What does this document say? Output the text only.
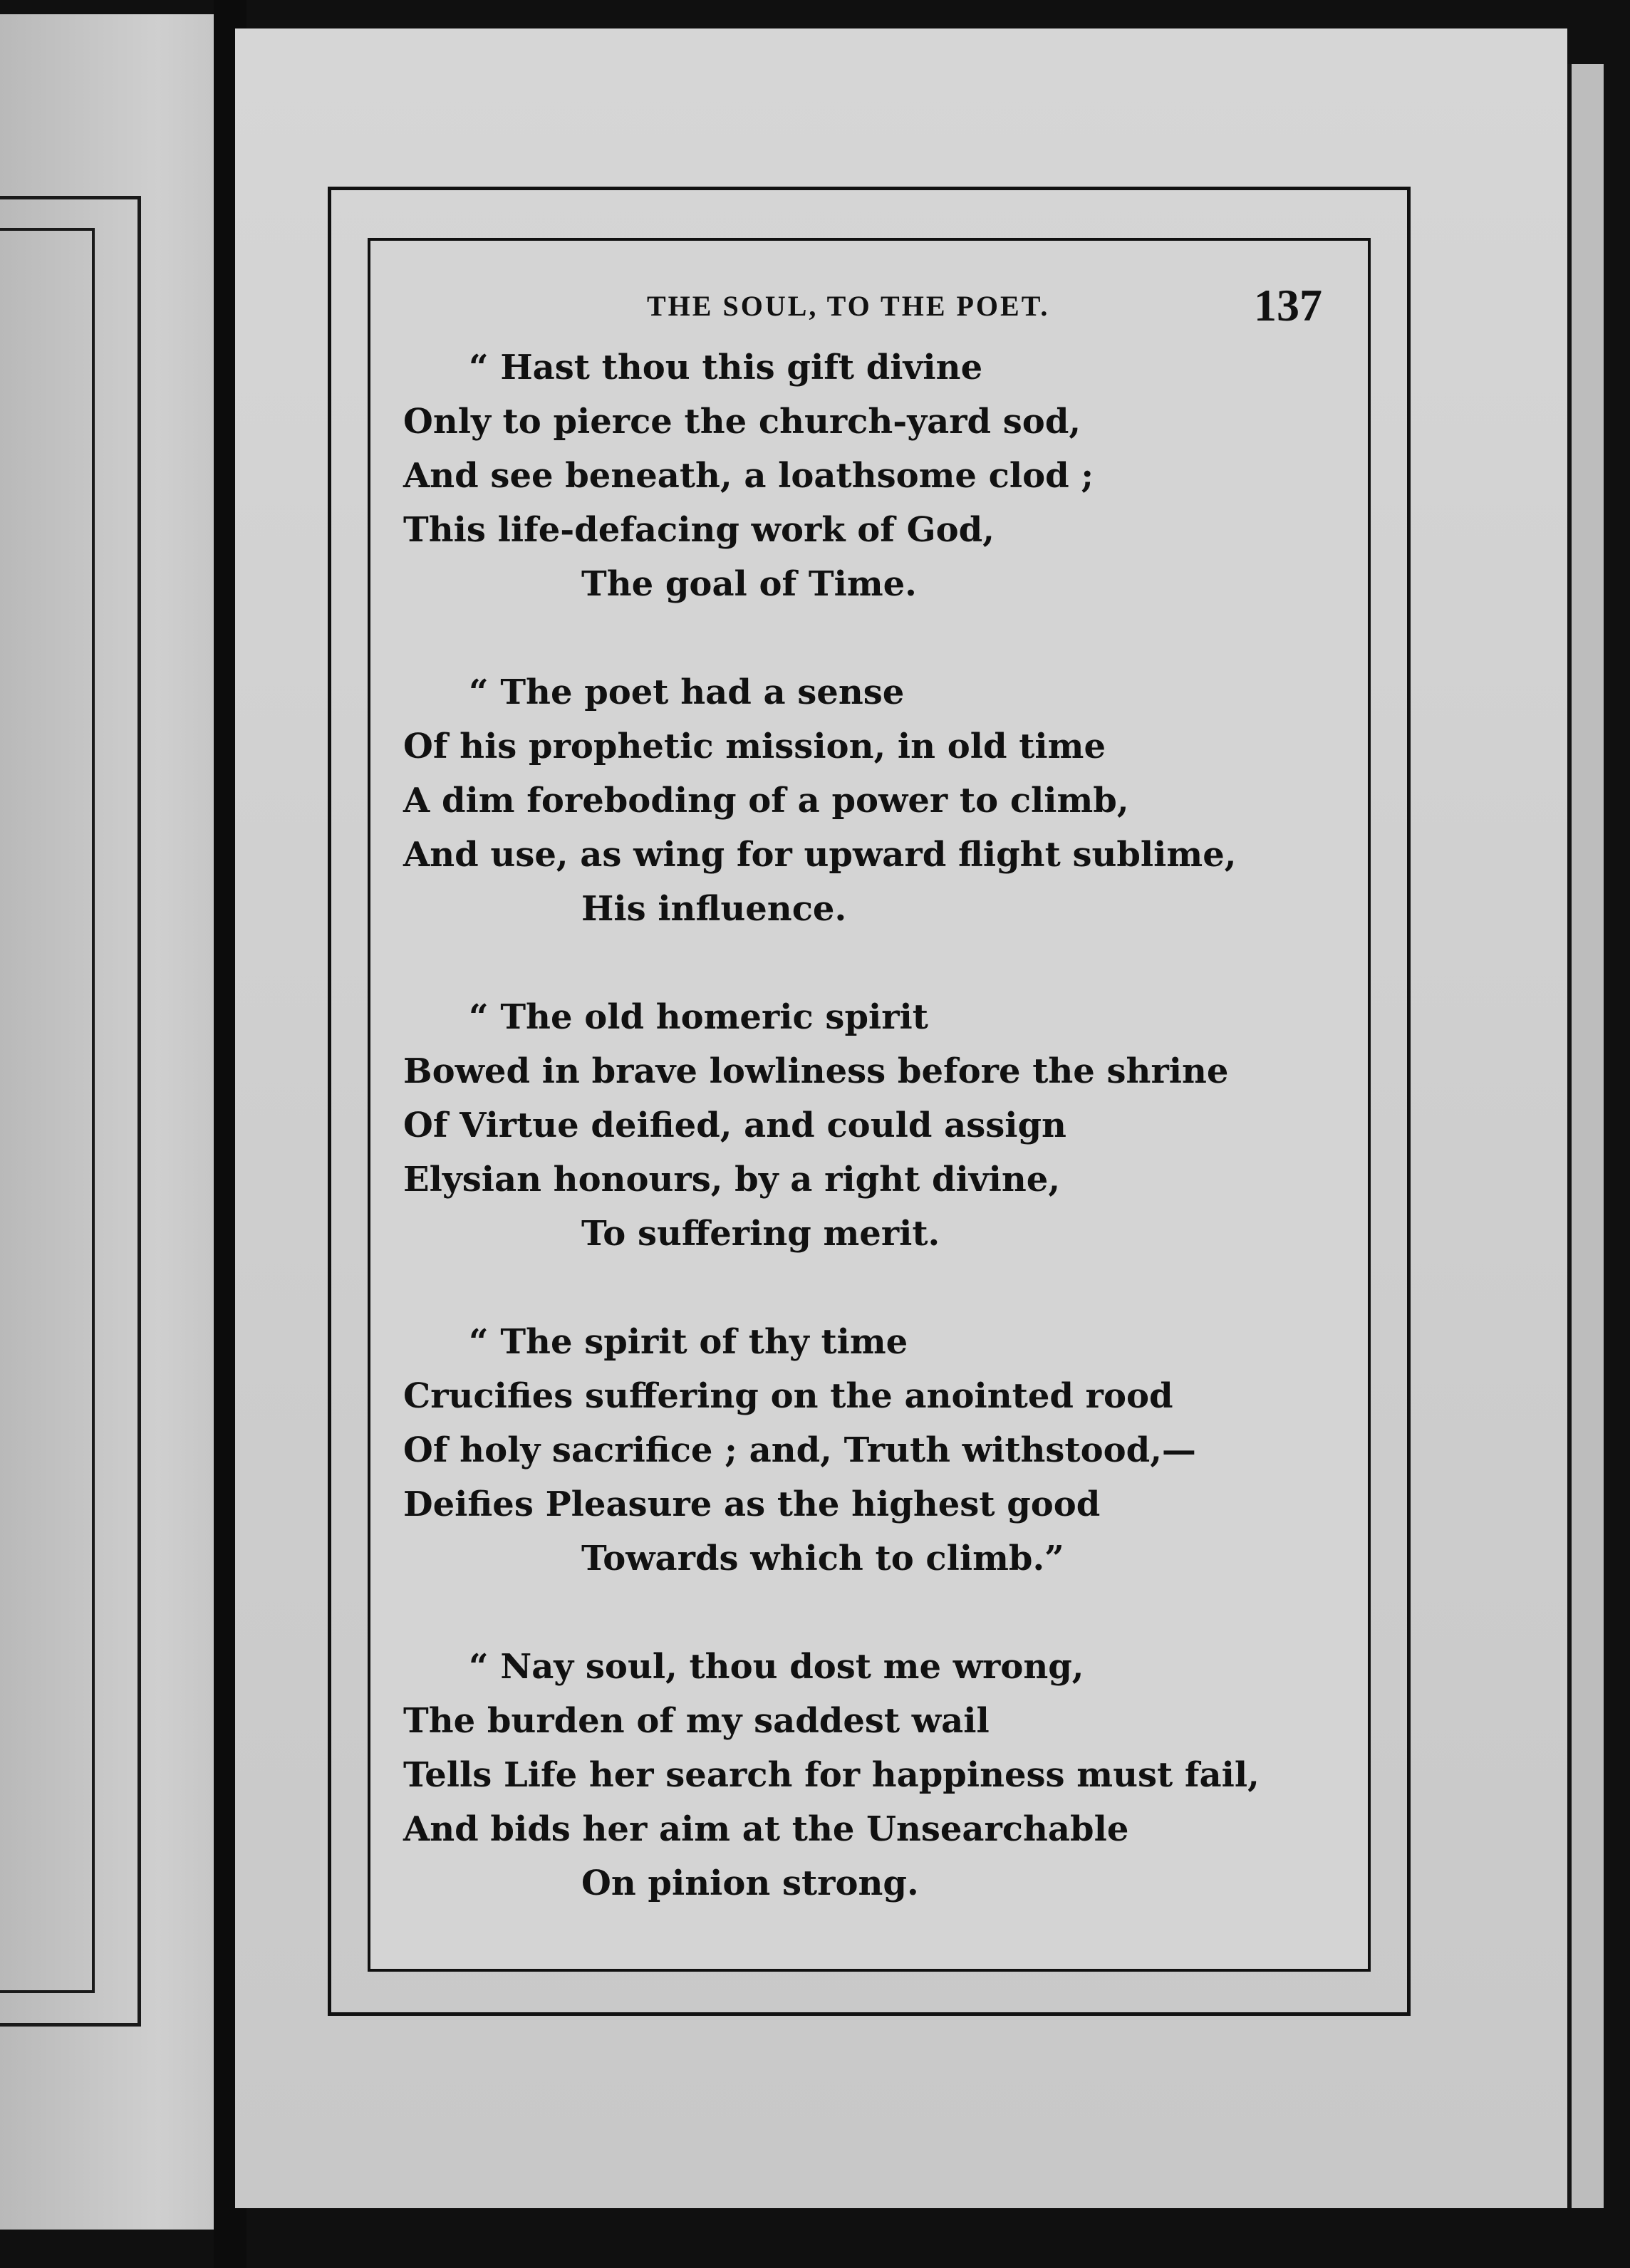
THE SOUL, TO THE POET.	137
“ Hast thou this gift divine
Only to pierce the church-yard sod,
And see beneath, a loathsome clod ;
This life-defacing work of God,
The goal of Time.
“ The poet had a sense
Of his prophetic mission, in old time
A dim foreboding of a power to climb,
And use, as wing for upward flight sublime,
His influence.
“ The old homeric spirit
Bowed in brave lowliness before the shrine
Of Virtue deified, and could assign
Elysian honours, by a right divine,
To suffering merit.
“ The spirit of thy time
Crucifies suffering on the anointed rood
Of holy sacrifice ; and, Truth withstood,—
Deifies Pleasure as the highest good
Towards which to climb.”
“ Nay soul, thou dost me wrong,
The burden of my saddest wail
Tells Life her search for happiness must fail,
And bids her aim at the Unsearchable
On pinion strong.
